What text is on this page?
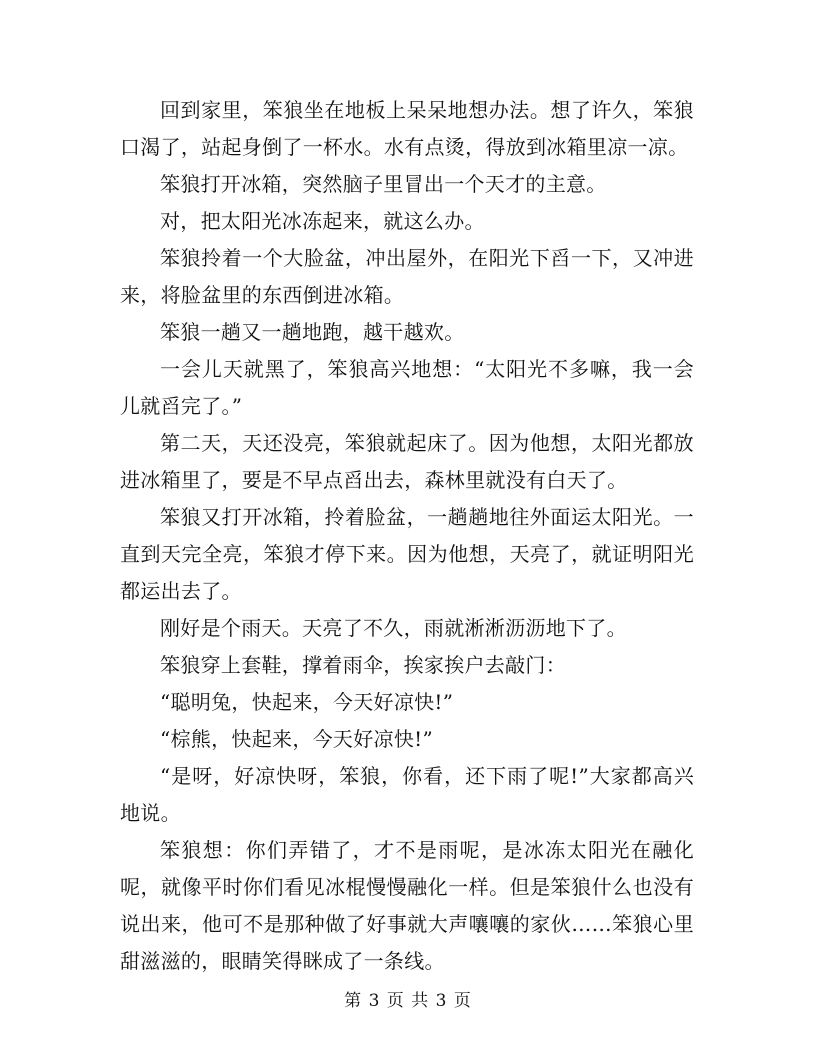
回到家里，笨狼坐在地板上呆呆地想办法。想了许久，笨狼口渴了，站起身倒了一杯水。水有点烫，得放到冰箱里凉一凉。

笨狼打开冰箱，突然脑子里冒出一个天才的主意。

对，把太阳光冰冻起来，就这么办。

笨狼拎着一个大脸盆，冲出屋外，在阳光下舀一下，又冲进来，将脸盆里的东西倒进冰箱。

笨狼一趟又一趟地跑，越干越欢。

一会儿天就黑了，笨狼高兴地想：“太阳光不多嘛，我一会儿就舀完了。”

第二天，天还没亮，笨狼就起床了。因为他想，太阳光都放进冰箱里了，要是不早点舀出去，森林里就没有白天了。

笨狼又打开冰箱，拎着脸盆，一趟趟地往外面运太阳光。一直到天完全亮，笨狼才停下来。因为他想，天亮了，就证明阳光都运出去了。

刚好是个雨天。天亮了不久，雨就淅淅沥沥地下了。

笨狼穿上套鞋，撑着雨伞，挨家挨户去敲门：

“聪明兔，快起来，今天好凉快!”

“棕熊，快起来，今天好凉快!”

“是呀，好凉快呀，笨狼，你看，还下雨了呢!”大家都高兴地说。

笨狼想：你们弄错了，才不是雨呢，是冰冻太阳光在融化呢，就像平时你们看见冰棍慢慢融化一样。但是笨狼什么也没有说出来，他可不是那种做了好事就大声嚷嚷的家伙……笨狼心里甜滋滋的，眼睛笑得眯成了一条线。

第 3 页 共 3 页
